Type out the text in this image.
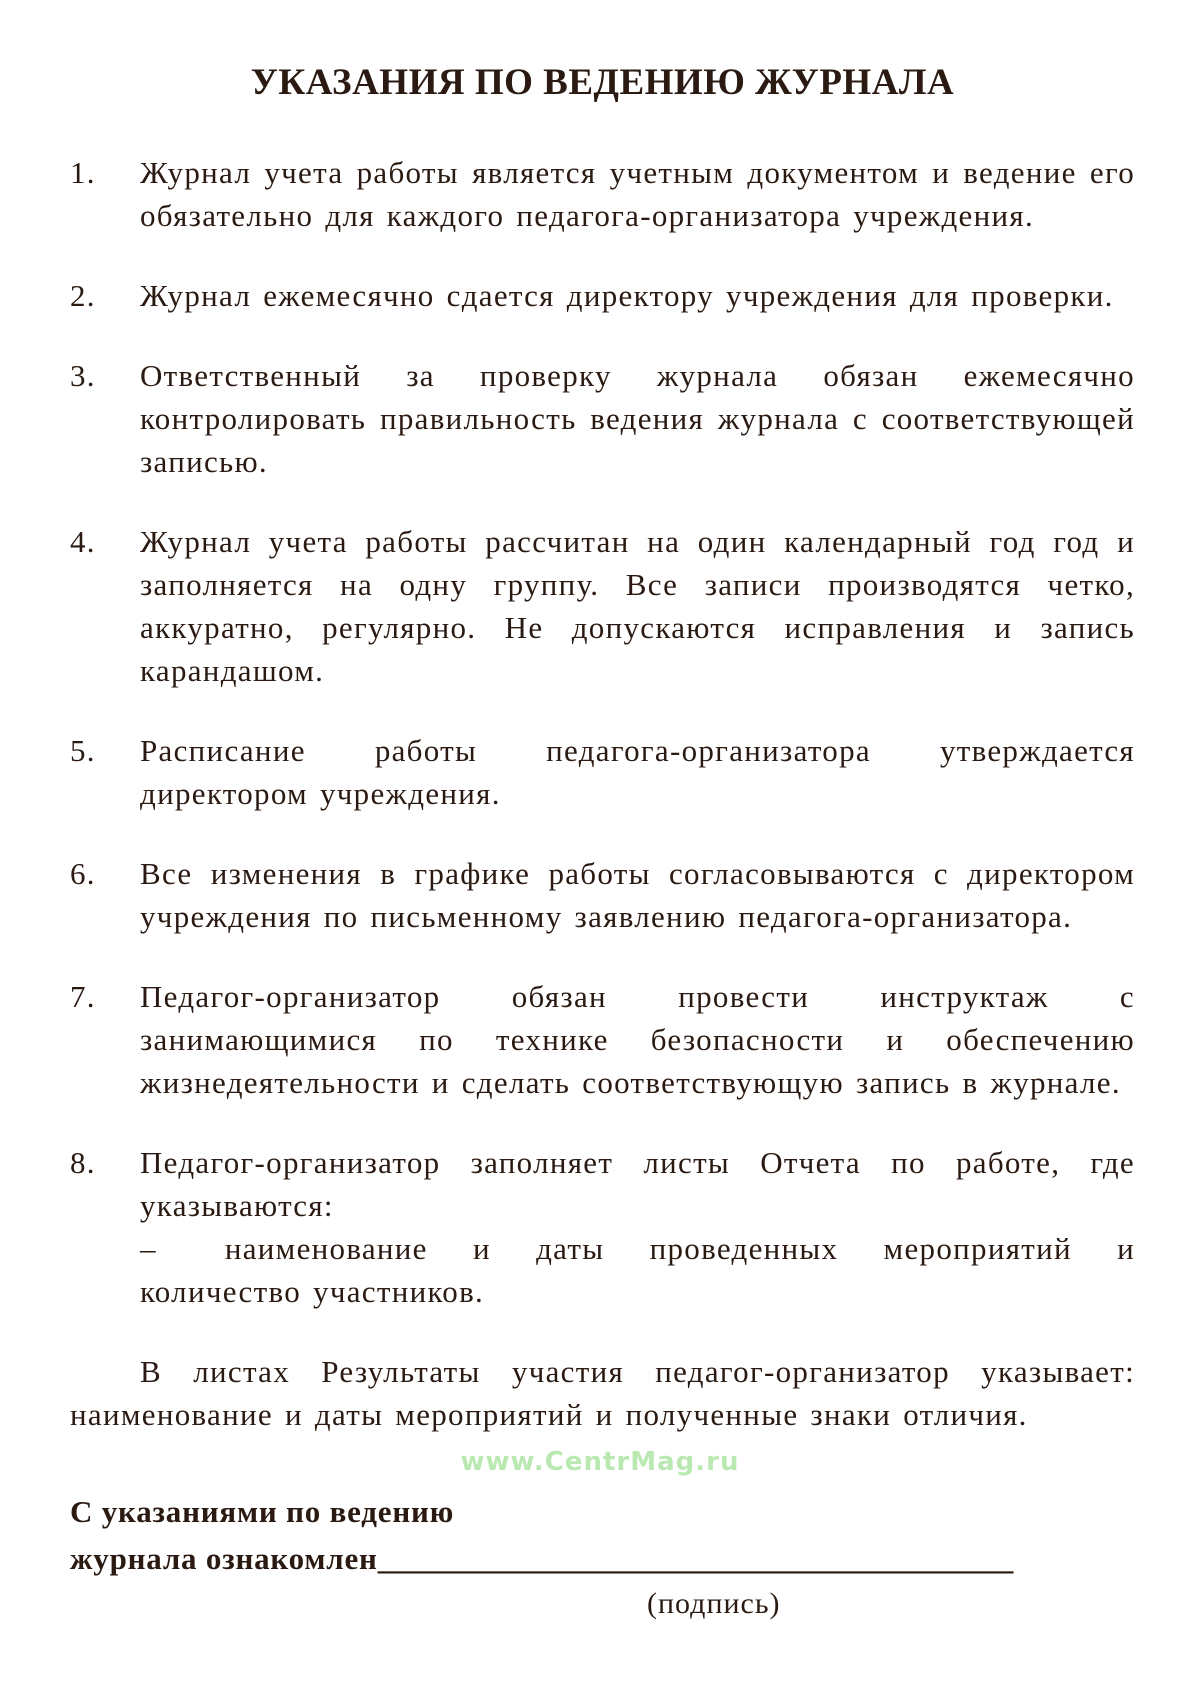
УКАЗАНИЯ ПО ВЕДЕНИЮ ЖУРНАЛА
1.	Журнал учета работы является учетным документом и ведение его обязательно для каждого педагога-организатора учреждения.
2.	Журнал ежемесячно сдается директору учреждения для проверки.
3.	Ответственный за проверку журнала обязан ежемесячно контролировать правильность ведения журнала с соответствующей записью.
4.	Журнал учета работы рассчитан на один календарный год год и заполняется на одну группу. Все записи производятся четко, аккуратно, регулярно. Не допускаются исправления и запись карандашом.
5.	Расписание работы педагога-организатора утверждается директором учреждения.
6.	Все изменения в графике работы согласовываются с директором учреждения по письменному заявлению педагога-организатора.
7.	Педагог-организатор обязан провести инструктаж с занимающимися по технике безопасности и обеспечению жизнедеятельности и сделать соответствующую запись в журнале.
8.	Педагог-организатор заполняет листы Отчета по работе, где указываются:
– наименование и даты проведенных мероприятий и количество участников.

В листах Результаты участия педагог-организатор указывает: наименование и даты мероприятий и полученные знаки отличия.

www.CentrMag.ru
С указаниями по ведению
журнала ознакомлен_________________________________________
(подпись)
